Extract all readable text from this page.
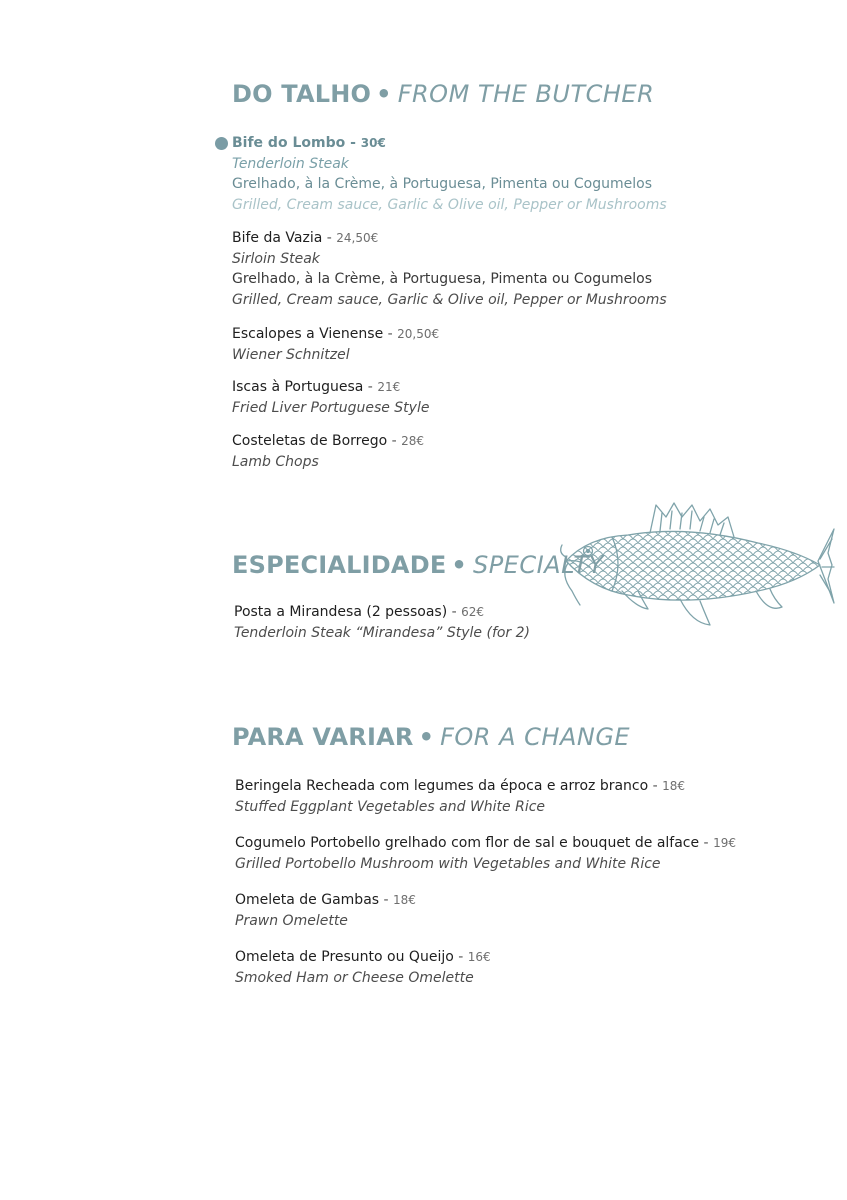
DO TALHO • FROM THE BUTCHER
Bife do Lombo - 30€
Tenderloin Steak
Grelhado, à la Crème, à Portuguesa, Pimenta ou Cogumelos
Grilled, Cream sauce, Garlic & Olive oil, Pepper or Mushrooms
Bife da Vazia - 24,50€
Sirloin Steak
Grelhado, à la Crème, à Portuguesa, Pimenta ou Cogumelos
Grilled, Cream sauce, Garlic & Olive oil, Pepper or Mushrooms
Escalopes a Vienense - 20,50€
Wiener Schnitzel
Iscas à Portuguesa - 21€
Fried Liver Portuguese Style
Costeletas de Borrego - 28€
Lamb Chops
ESPECIALIDADE • SPECIALTY
Posta a Mirandesa (2 pessoas) - 62€
Tenderloin Steak “Mirandesa” Style (for 2)
PARA VARIAR • FOR A CHANGE
Beringela Recheada com legumes da época e arroz branco - 18€
Stuffed Eggplant Vegetables and White Rice
Cogumelo Portobello grelhado com flor de sal e bouquet de alface - 19€
Grilled Portobello Mushroom with Vegetables and White Rice
Omeleta de Gambas - 18€
Prawn Omelette
Omeleta de Presunto ou Queijo - 16€
Smoked Ham or Cheese Omelette
